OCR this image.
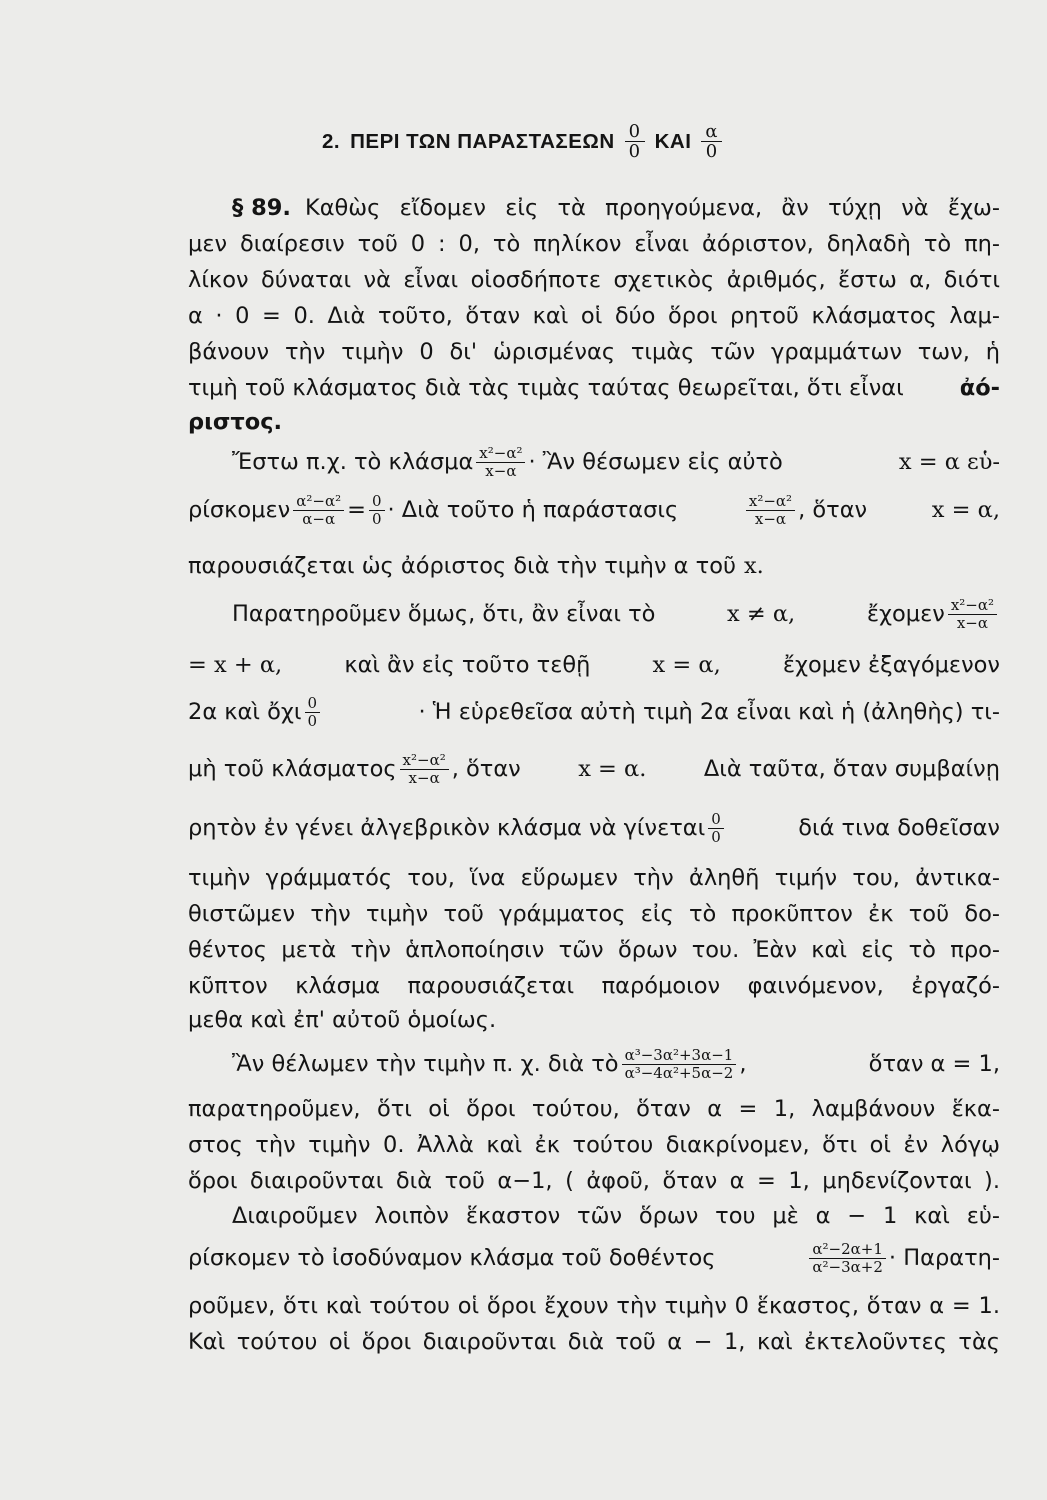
2. ΠΕΡΙ ΤΩΝ ΠΑΡΑΣΤΑΣΕΩΝ $\frac{0}{0}$ ΚΑΙ $\frac{\alpha}{0}$
§ 89. Καθὼς εἴδομεν εἰς τὰ προηγούμενα, ἂν τύχῃ νὰ ἔχω-
μεν διαίρεσιν τοῦ 0 : 0, τὸ πηλίκον εἶναι ἀόριστον, δηλαδὴ τὸ πη-
λίκον δύναται νὰ εἶναι οἱοσδήποτε σχετικὸς ἀριθμός, ἔστω α, διότι
α · 0 = 0. Διὰ τοῦτο, ὅταν καὶ οἱ δύο ὅροι ρητοῦ κλάσματος λαμ-
βάνουν τὴν τιμὴν 0 δι' ὡρισμένας τιμὰς τῶν γραμμάτων των, ἡ
τιμὴ τοῦ κλάσματος διὰ τὰς τιμὰς ταύτας θεωρεῖται, ὅτι εἶναι ἀό-
ριστος.
Ἔστω π.χ. τὸ κλάσμα $\frac{\text{x²−α²}}{x-\alpha}$ · Ἂν θέσωμεν εἰς αὐτὸ	x = α εὑ-
ρίσκομεν $\frac{\text{α²−α²}}{\alpha-\alpha} = \frac{0}{0}$ · Διὰ τοῦτο ἡ παράστασις	$\frac{\text{x²−α²}}{x-\alpha}$ , ὅταν	x = α,
παρουσιάζεται ὡς ἀόριστος διὰ τὴν τιμὴν α τοῦ x.
Παρατηροῦμεν ὅμως, ὅτι, ἂν εἶναι τὸ	x ≠ α,	ἔχομεν $\frac{\text{x²−α²}}{x-\alpha}$
= x + α,	καὶ ἂν εἰς τοῦτο τεθῇ	x = α,	ἔχομεν ἐξαγόμενον
2α καὶ ὄχι $\frac{0}{0}$	· Ἡ εὑρεθεῖσα αὐτὴ τιμὴ 2α εἶναι καὶ ἡ (ἀληθὴς) τι-
μὴ τοῦ κλάσματος $\frac{\text{x²−α²}}{x-\alpha}$ , ὅταν	x = α.	Διὰ ταῦτα, ὅταν συμβαίνῃ
ρητὸν ἐν γένει ἀλγεβρικὸν κλάσμα νὰ γίνεται $\frac{0}{0}$	διά τινα δοθεῖσαν
τιμὴν γράμματός του, ἵνα εὕρωμεν τὴν ἀληθῆ τιμήν του, ἀντικα-
θιστῶμεν τὴν τιμὴν τοῦ γράμματος εἰς τὸ προκῦπτον ἐκ τοῦ δο-
θέντος μετὰ τὴν ἁπλοποίησιν τῶν ὅρων του. Ἐὰν καὶ εἰς τὸ προ-
κῦπτον κλάσμα παρουσιάζεται παρόμοιον φαινόμενον, ἐργαζό-
μεθα καὶ ἐπ' αὐτοῦ ὁμοίως.
Ἂν θέλωμεν τὴν τιμὴν π. χ. διὰ τὸ $\frac{\text{α³−3α²+3α−1}}{\text{α³−4α²+5α−2}}$ ,	ὅταν α = 1,
παρατηροῦμεν, ὅτι οἱ ὅροι τούτου, ὅταν α = 1, λαμβάνουν ἕκα-
στος τὴν τιμὴν 0. Ἀλλὰ καὶ ἐκ τούτου διακρίνομεν, ὅτι οἱ ἐν λόγῳ
ὅροι διαιροῦνται διὰ τοῦ α−1, ( ἀφοῦ, ὅταν α = 1, μηδενίζονται ).
Διαιροῦμεν λοιπὸν ἕκαστον τῶν ὅρων του μὲ α − 1 καὶ εὑ-
ρίσκομεν τὸ ἰσοδύναμον κλάσμα τοῦ δοθέντος	$\frac{\text{α²−2α+1}}{\text{α²−3α+2}} \cdot \Pi\alpha\rho\alpha\tau\eta-$
ροῦμεν, ὅτι καὶ τούτου οἱ ὅροι ἔχουν τὴν τιμὴν 0 ἕκαστος, ὅταν α = 1.
Καὶ τούτου οἱ ὅροι διαιροῦνται διὰ τοῦ α − 1, καὶ ἐκτελοῦντες τὰς
